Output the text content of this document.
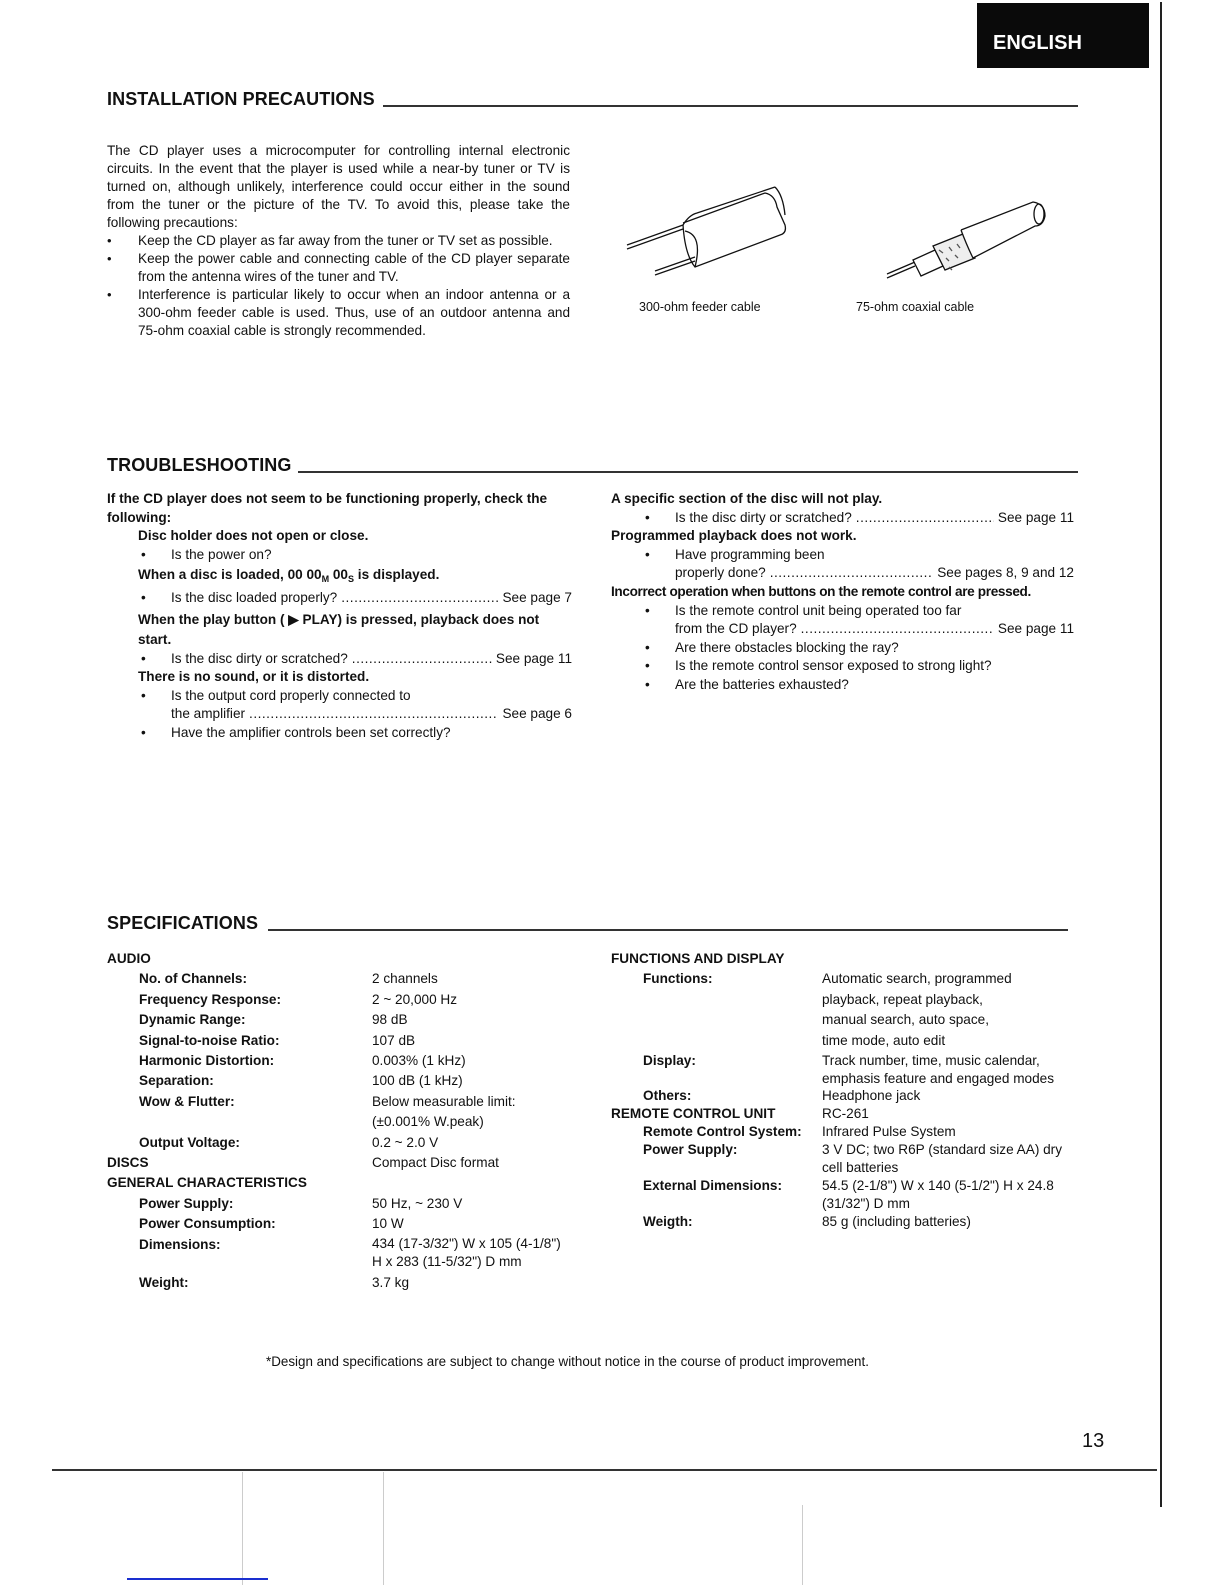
ENGLISH
INSTALLATION PRECAUTIONS
The CD player uses a microcomputer for controlling internal electronic circuits. In the event that the player is used while a near-by tuner or TV is turned on, although unlikely, interference could occur either in the sound from the tuner or the picture of the TV. To avoid this, please take the following precautions:
• Keep the CD player as far away from the tuner or TV set as possible.
• Keep the power cable and connecting cable of the CD player separate from the antenna wires of the tuner and TV.
• Interference is particular likely to occur when an indoor antenna or a 300-ohm feeder cable is used. Thus, use of an outdoor antenna and 75-ohm coaxial cable is strongly recommended.
300-ohm feeder cable	75-ohm coaxial cable
TROUBLESHOOTING
If the CD player does not seem to be functioning properly, check the following:
Disc holder does not open or close.
• Is the power on?
When a disc is loaded, 00 $00_M$ $00_S$ is displayed.
• Is the disc loaded properly? .....	See page 7
When the play button ( ▶ PLAY) is pressed, playback does not start.
• Is the disc dirty or scratched? .....	See page 11
There is no sound, or it is distorted.
• Is the output cord properly connected to
the amplifier .....	See page 6
• Have the amplifier controls been set correctly?
A specific section of the disc will not play.
• Is the disc dirty or scratched? .....	See page 11
Programmed playback does not work.
• Have programming been
properly done? .....	See pages 8, 9 and 12
Incorrect operation when buttons on the remote control are pressed.
• Is the remote control unit being operated too far
from the CD player? .....	See page 11
• Are there obstacles blocking the ray?
• Is the remote control sensor exposed to strong light?
• Are the batteries exhausted?
SPECIFICATIONS
AUDIO
No. of Channels:	2 channels
Frequency Response:	2 ~ 20,000 Hz
Dynamic Range:	98 dB
Signal-to-noise Ratio:	107 dB
Harmonic Distortion:	0.003% (1 kHz)
Separation:	100 dB (1 kHz)
Wow & Flutter:	Below measurable limit:
(±0.001% W.peak)
Output Voltage:	0.2 ~ 2.0 V
DISCS	Compact Disc format
GENERAL CHARACTERISTICS
Power Supply:	50 Hz, ~ 230 V
Power Consumption:	10 W
Dimensions:	434 (17-3/32") W x 105 (4-1/8")
H x 283 (11-5/32") D mm
Weight:	3.7 kg
FUNCTIONS AND DISPLAY
Functions:	Automatic search, programmed
playback, repeat playback,
manual search, auto space,
time mode, auto edit
Display:	Track number, time, music calendar,
emphasis feature and engaged modes
Others:	Headphone jack
REMOTE CONTROL UNIT	RC-261
Remote Control System:	Infrared Pulse System
Power Supply:	3 V DC; two R6P (standard size AA) dry
cell batteries
External Dimensions:	54.5 (2-1/8") W x 140 (5-1/2") H x 24.8
(31/32") D mm
Weigth:	85 g (including batteries)
*Design and specifications are subject to change without notice in the course of product improvement.
13
